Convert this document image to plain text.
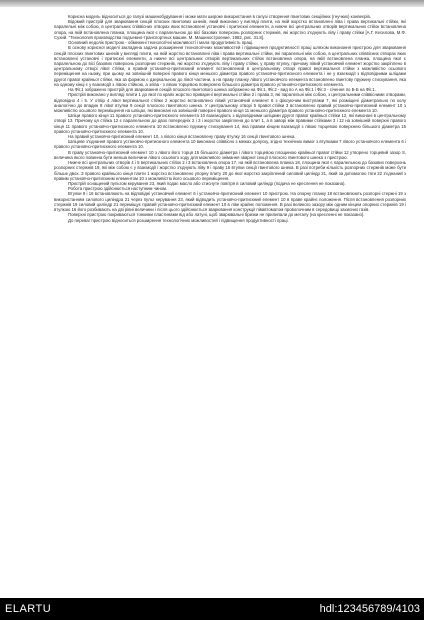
Корисна модель відноситься до галузі машинобудування і може мати широке використання в галузі створення гвинтових секційних (гнучких) конвеєрів.

Відомий пристрій для зварювання секцій плоских гвинтових шнеків, який виконано у вигляді плити, на якій жорстко встановлені ліва і права вертикальні стійки, які паралельні між собою, в центральних співвісних отворах яких встановлені установчі і притискні елементи, а нижче всі центральних отворів вертикальних стійок встановлена опора, на якій встановлена планка, площина якої є паралельною до вісі базових поверхонь розпорних стержнів, які жорстко з'єднують ліву і праву стійки [А.Г. Кесилова, М.Ф. Сухий. "Технология производства подъемно-транспортных машин. М. Машиностроение, 1982, рис. 31.8].

Основний недолік пристрою - обмежені технологічні можливості і мала продуктивність праці.

В основу корисної моделі закладена задача розширення технологічних можливостей і підвищення продуктивності праці шляхом виконання пристрою для зварювання секцій плоских гвинтових шнеків у вигляді плити, на якій жорстко встановлені ліва і права вертикальні стійки, які паралельні між собою, в центральних співвісних отворах яких встановлені установчі і притискні елементи, а нижче всі центральних отворів вертикальних стійок встановлена опора, на якій встановлена планка, площина якої є паралельною до вісі базових поверхонь розпорних стержнів, які жорстко з'єднують ліву і праву стійки, у праву втулку, причому лівий установчий елемент жорстко закріплено в центральному отворі лівої стійки, а правий установчо-притискний елемент встановлений в центральному отворі правої вертикальної стійки з можливістю осьового переміщення на ньому, при цьому на зовнішній поверхні правого кінця меншого діаметра правого установчо-притискного елемента і не у взаємодії з відповідними шліцами другої правої крайньої стійки, яка за формою є дзеркальною до лівої частини, а на праву планку лівого установчого елемента встановлено гвинтову пружину стискування, яка на одному кінці є у взаємодії з лівою стійкою, а зліва - з лівою торцевою поверхнею більшого діаметра правого установчо-притискного елемента.

На Фіг.1 зображено пристрій для зварювання секцій плоского гвинтового шнека зображено на Фіг.1, Фіг.2 - вид по А на Фіг.1 і Фіг.3 - січення по Б-Б на Фіг.1.

Пристрій виконано у вигляді плити 1 до якої по краях жорстко приварені вертикальні стійки 2 і права 3, які паралельні між собою, з центральними співвісними отворами, відповідно 4 і 5. У отвір 4 лівої вертикальної стійки 2 жорстко встановлено лівий установчий елемент 6 з фіксуючим виступами 7, які розміщені діаметрально по колу аналогічно до впадин 8 лівої втулки 9 секції плоского гвинтового шнека. У центральному отворі 5 правої стійки 3 встановлено правий установчо-притискний елемент 10 з можливістю осьового переміщення на шліцах, які виконані на зовнішній поверхні правого кінця 11 меншого діаметра правого установчо-притискного елемента 10.

Шліци правого кінця 11 правого установчо-притискного елемента 10 взаємодіють з відповідними шліцами другої правої крайньої стійки 12, які виконані в центральному отворі 13. Причому ця стійка 12 є паралельною до двох попередніх 2 і 3 і жорстко закріплена до плит 1, а в заворі між правими стійками 3 і 12 на зовнішній поверхні правого кінця 11 правого установчо-притискного елемента 10 встановлено пружину стискування 14, яка правим кінцем взаємодії з лівою торцевою поверхнею більшого діаметра 15 правого установчо-притискного елемента 10.

На правий установчо-притискний елемент 10, з лівого кінця встановлену праву втулку 16 секції гвинтового шнека.

Шліцеве з'єднання правого установчо-притискного елемента 10 виконано співвісно з межах допуску, згідно технічних вимог з втулками 7 лівого установчого елемента 6 і правого установчо-притискного елемента 10.

В праву установчо-притискний елемент 10 з лівого його торця 15 більшого діаметра і лівого торцевою площиною крайньої правої стійки 12 утворено торцевий зазор S, величина якого повинна бути менша величини лівого осьового ходу для можливого знімання зварної секції плоского гвинтового шнека з пристрою.

Нижче всі центральних отворів 4 і 5 вертикальних стійок 2 і 3 встановлена опора 17, на якій встановлена планка 18, площина якої є паралельною до базових поверхонь розпорних стержнів 19, які між собою є у взаємодії і жорстко з'єднують ліву 9 і праву 16 втулки секції гвинтового шнека. В разі потреби кількість розпорних стержнів може бути більше двох. З правого крайнього кінця плити 1 жорстко встановлено упорну плиту 20 до якої жорстко закріплений силовий циліндр 21, який за допомогою тяги 22 з'єднаний з правим установчо-притискним елементом 10 з можливістю його осьового переміщення.

Пристрій оснащений пультом керування 23, який подає масло або стиснуте повітря в силовий циліндр (подача не креслення не показана).

Робота пристрою здійснюється наступним чином.

Втулки 9 і 16 встановлюють на відповідні установчий елемент 6 і установчо-притискний елемент 10 пристрою. На опорну планку 18 встановлюють розпорні стержні 19 з використанням силового циліндра 21 через пульт керування 23, який відводить установчо-притискний елемент 10 в праве крайнє положення. Після встановлення розпорних стержнів 19 силовий циліндр 21 переміщує правий установчо-притискний елемент 10 в ліве крайнє положення. В разі великого зазору між одним кінцем опорних стержнів 19 і втулкою 16 його розбивають на дві рівні величини і після цього здійснюється зварювання конструкції півавтоматом проволочним в середовищі захисних газів.

Поверхні пристрою покриваються тонкими пластинами від або латуні, щоб зварювальні бризки не прилипали до металу (на кресленні не показано).

До переваг пристрою відноситься розширення технологічних можливостей і підвищення продуктивності праці.

ELARTU	hdl:123456789/4103
